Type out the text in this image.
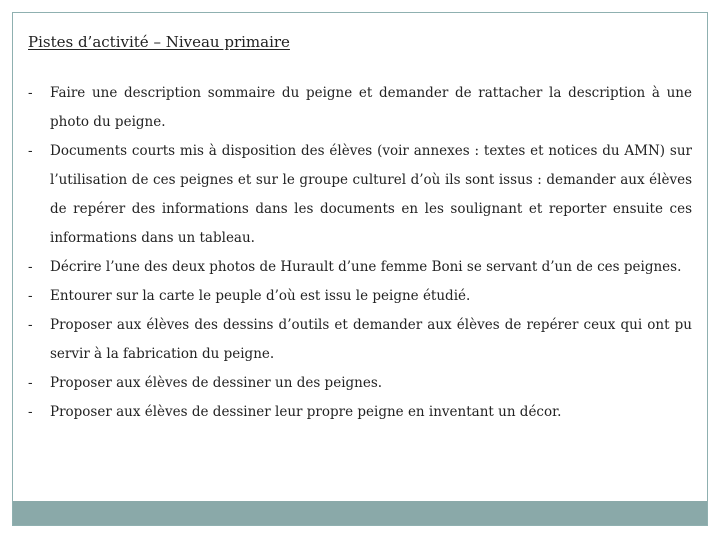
Pistes d’activité – Niveau primaire
- Faire une description sommaire du peigne et demander de rattacher la description à une photo du peigne.
- Documents courts mis à disposition des élèves (voir annexes : textes et notices du AMN) sur l’utilisation de ces peignes et sur le groupe culturel d’où ils sont issus : demander aux élèves de repérer des informations dans les documents en les soulignant et reporter ensuite ces informations dans un tableau.
- Décrire l’une des deux photos de Hurault d’une femme Boni se servant d’un de ces peignes.
- Entourer sur la carte le peuple d’où est issu le peigne étudié.
- Proposer aux élèves des dessins d’outils et demander aux élèves de repérer ceux qui ont pu servir à la fabrication du peigne.
- Proposer aux élèves de dessiner un des peignes.
- Proposer aux élèves de dessiner leur propre peigne en inventant un décor.
